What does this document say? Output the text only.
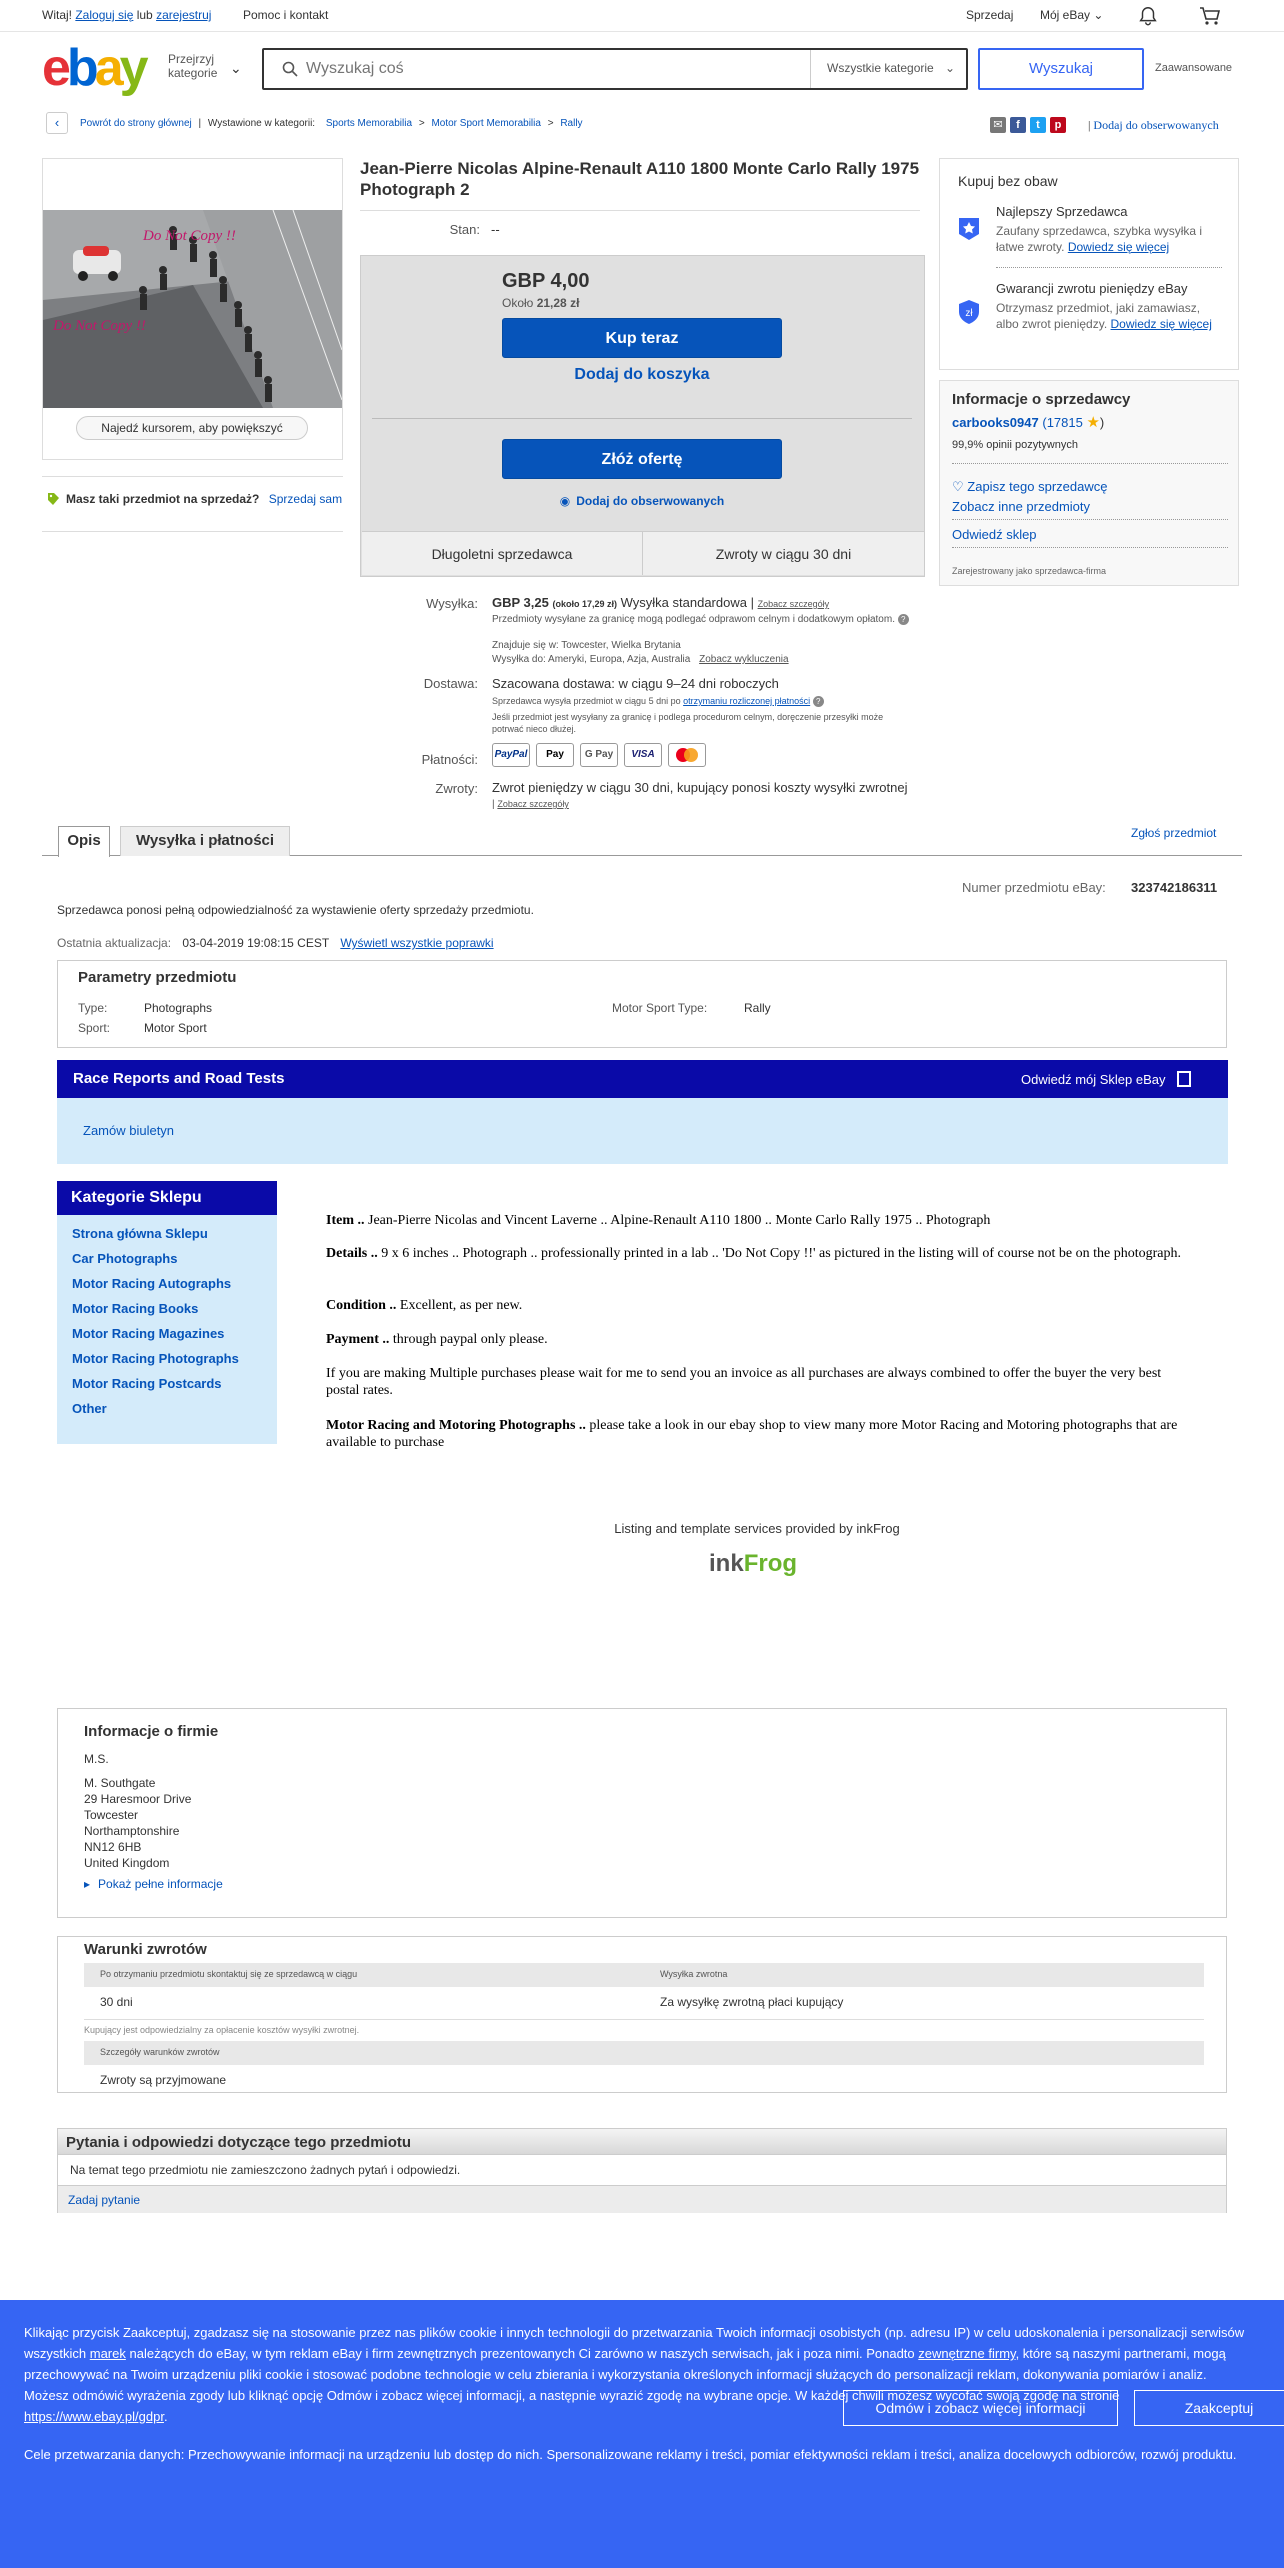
Witaj! Zaloguj się lub zarejestruj	Pomoc i kontakt	Sprzedaj Mój eBay ⌄
ebay Przejrzyj kategorie ⌄
Wyszukaj coś	Wszystkie kategorie ⌄	Wyszukaj	Zaawansowane
‹	Powrót do strony głównej | Wystawione w kategorii: Sports Memorabilia > Motor Sport Memorabilia > Rally	✉ f t p	| Dodaj do obserwowanych
Do Not Copy !!
Do Not Copy !!
Najedź kursorem, aby powiększyć
Masz taki przedmiot na sprzedaż? Sprzedaj sam
Jean-Pierre Nicolas Alpine-Renault A110 1800 Monte Carlo Rally 1975 Photograph 2
Stan: --
GBP 4,00
Około 21,28 zł
Kup teraz
Dodaj do koszyka
Złóż ofertę
◉ Dodaj do obserwowanych
Długoletni sprzedawca	Zwroty w ciągu 30 dni
Wysyłka: GBP 3,25 (około 17,29 zł) Wysyłka standardowa | Zobacz szczegóły
Przedmioty wysyłane za granicę mogą podlegać odprawom celnym i dodatkowym opłatom. ?
Znajduje się w: Towcester, Wielka Brytania
Wysyłka do: Ameryki, Europa, Azja, Australia Zobacz wykluczenia
Dostawa: Szacowana dostawa: w ciągu 9–24 dni roboczych
Sprzedawca wysyła przedmiot w ciągu 5 dni po otrzymaniu rozliczonej płatności ?
Jeśli przedmiot jest wysyłany za granicę i podlega procedurom celnym, doręczenie przesyłki może potrwać nieco dłużej.
Płatności: PayPal	Pay	G Pay	VISA
Zwroty: Zwrot pieniędzy w ciągu 30 dni, kupujący ponosi koszty wysyłki zwrotnej
| Zobacz szczegóły
Kupuj bez obaw
Najlepszy Sprzedawca
Zaufany sprzedawca, szybka wysyłka i łatwe zwroty. Dowiedz się więcej
zł
Gwarancji zwrotu pieniędzy eBay
Otrzymasz przedmiot, jaki zamawiasz, albo zwrot pieniędzy. Dowiedz się więcej
Informacje o sprzedawcy
carbooks0947 (17815 ★)
99,9% opinii pozytywnych
♡ Zapisz tego sprzedawcę
Zobacz inne przedmioty
Odwiedź sklep
Zarejestrowany jako sprzedawca-firma
Opis	Wysyłka i płatności	Zgłoś przedmiot
Numer przedmiotu eBay: 323742186311
Sprzedawca ponosi pełną odpowiedzialność za wystawienie oferty sprzedaży przedmiotu.
Ostatnia aktualizacja: 03-04-2019 19:08:15 CEST Wyświetl wszystkie poprawki
Parametry przedmiotu
Type:	Photographs
Sport:	Motor Sport
Motor Sport Type:	Rally
Race Reports and Road Tests	Odwiedź mój Sklep eBay
Zamów biuletyn
Kategorie Sklepu
Strona główna Sklepu
Car Photographs
Motor Racing Autographs
Motor Racing Books
Motor Racing Magazines
Motor Racing Photographs
Motor Racing Postcards
Other
Item .. Jean-Pierre Nicolas and Vincent Laverne .. Alpine-Renault A110 1800 .. Monte Carlo Rally 1975 .. Photograph
Details .. 9 x 6 inches .. Photograph .. professionally printed in a lab .. 'Do Not Copy !!' as pictured in the listing will of course not be on the photograph.
Condition .. Excellent, as per new.
Payment .. through paypal only please.
If you are making Multiple purchases please wait for me to send you an invoice as all purchases are always combined to offer the buyer the very best postal rates.
Motor Racing and Motoring Photographs .. please take a look in our ebay shop to view many more Motor Racing and Motoring photographs that are available to purchase
Listing and template services provided by inkFrog
inkFrog
Informacje o firmie
M.S.
M. Southgate
29 Haresmoor Drive
Towcester
Northamptonshire
NN12 6HB
United Kingdom
▸ Pokaż pełne informacje
Warunki zwrotów
Po otrzymaniu przedmiotu skontaktuj się ze sprzedawcą w ciągu	Wysyłka zwrotna
30 dni	Za wysyłkę zwrotną płaci kupujący
Kupujący jest odpowiedzialny za opłacenie kosztów wysyłki zwrotnej.
Szczegóły warunków zwrotów
Zwroty są przyjmowane
Pytania i odpowiedzi dotyczące tego przedmiotu
Na temat tego przedmiotu nie zamieszczono żadnych pytań i odpowiedzi.
Zadaj pytanie
Klikając przycisk Zaakceptuj, zgadzasz się na stosowanie przez nas plików cookie i innych technologii do przetwarzania Twoich informacji osobistych (np. adresu IP) w celu udoskonalenia i personalizacji serwisów wszystkich marek należących do eBay, w tym reklam eBay i firm zewnętrznych prezentowanych Ci zarówno w naszych serwisach, jak i poza nimi. Ponadto zewnętrzne firmy, które są naszymi partnerami, mogą przechowywać na Twoim urządzeniu pliki cookie i stosować podobne technologie w celu zbierania i wykorzystania określonych informacji służących do personalizacji reklam, dokonywania pomiarów i analiz. Możesz odmówić wyrażenia zgody lub kliknąć opcję Odmów i zobacz więcej informacji, a następnie wyrazić zgodę na wybrane opcje. W każdej chwili możesz wycofać swoją zgodę na stronie https://www.ebay.pl/gdpr.
Cele przetwarzania danych: Przechowywanie informacji na urządzeniu lub dostęp do nich. Spersonalizowane reklamy i treści, pomiar efektywności reklam i treści, analiza docelowych odbiorców, rozwój produktu.
Odmów i zobacz więcej informacji	Zaakceptuj
